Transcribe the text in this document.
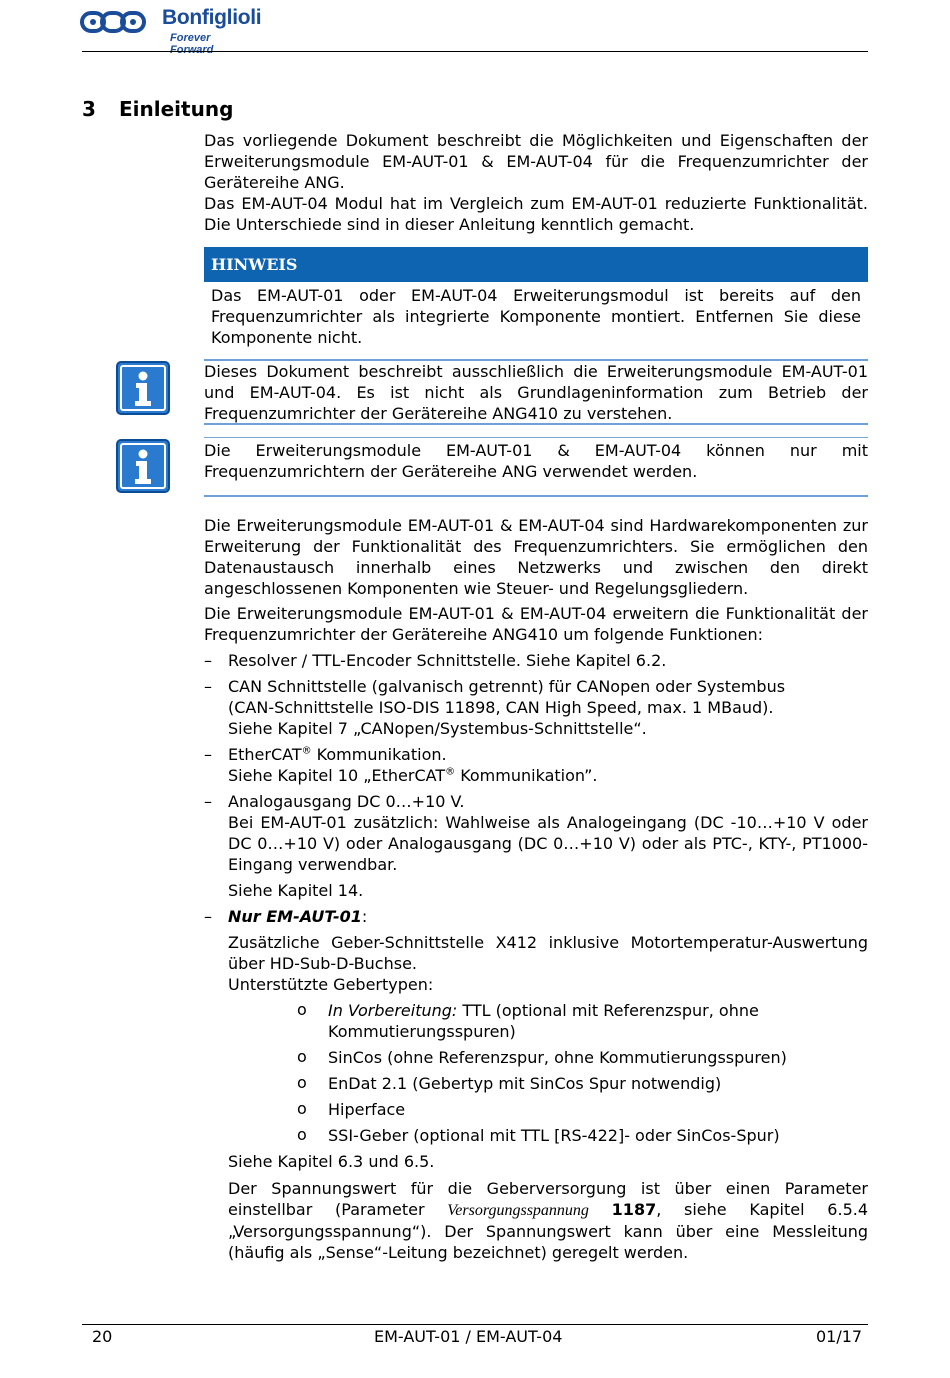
Bonfiglioli
Forever Forward
3 Einleitung

Das vorliegende Dokument beschreibt die Möglichkeiten und Eigenschaften der Erweiterungsmodule EM-AUT-01 & EM-AUT-04 für die Frequenzumrichter der Gerätereihe ANG.

Das EM-AUT-04 Modul hat im Vergleich zum EM-AUT-01 reduzierte Funktionalität. Die Unterschiede sind in dieser Anleitung kenntlich gemacht.

HINWEIS
Das EM-AUT-01 oder EM-AUT-04 Erweiterungsmodul ist bereits auf den Frequenzumrichter als integrierte Komponente montiert. Entfernen Sie diese Komponente nicht.
Dieses Dokument beschreibt ausschließlich die Erweiterungsmodule EM-AUT-01 und EM-AUT-04. Es ist nicht als Grundlageninformation zum Betrieb der Frequenzumrichter der Gerätereihe ANG410 zu verstehen.
Die Erweiterungsmodule EM-AUT-01 & EM-AUT-04 können nur mit Frequenzumrichtern der Gerätereihe ANG verwendet werden.
Die Erweiterungsmodule EM-AUT-01 & EM-AUT-04 sind Hardwarekomponenten zur Erweiterung der Funktionalität des Frequenzumrichters. Sie ermöglichen den Datenaustausch innerhalb eines Netzwerks und zwischen den direkt angeschlossenen Komponenten wie Steuer- und Regelungsgliedern.
Die Erweiterungsmodule EM-AUT-01 & EM-AUT-04 erweitern die Funktionalität der Frequenzumrichter der Gerätereihe ANG410 um folgende Funktionen:
–	Resolver / TTL-Encoder Schnittstelle. Siehe Kapitel 6.2.
–	CAN Schnittstelle (galvanisch getrennt) für CANopen oder Systembus
(CAN-Schnittstelle ISO-DIS 11898, CAN High Speed, max. 1 MBaud).
Siehe Kapitel 7 „CANopen/Systembus-Schnittstelle“.
–	EtherCAT® Kommunikation.
Siehe Kapitel 10 „EtherCAT® Kommunikation”.
–	Analogausgang DC 0…+10 V.
Bei EM-AUT-01 zusätzlich: Wahlweise als Analogeingang (DC -10…+10 V oder DC 0…+10 V) oder Analogausgang (DC 0…+10 V) oder als PTC-, KTY-, PT1000-Eingang verwendbar.
Siehe Kapitel 14.
–	Nur EM-AUT-01:
Zusätzliche Geber-Schnittstelle X412 inklusive Motortemperatur-Auswertung über HD-Sub-D-Buchse.
Unterstützte Gebertypen:
o In Vorbereitung: TTL (optional mit Referenzspur, ohne Kommutierungsspuren)
o SinCos (ohne Referenzspur, ohne Kommutierungsspuren)
o EnDat 2.1 (Gebertyp mit SinCos Spur notwendig)
o Hiperface
o SSI-Geber (optional mit TTL [RS-422]- oder SinCos-Spur)
Siehe Kapitel 6.3 und 6.5.
Der Spannungswert für die Geberversorgung ist über einen Parameter einstellbar (Parameter Versorgungsspannung 1187, siehe Kapitel 6.5.4 „Versorgungsspannung“). Der Spannungswert kann über eine Messleitung (häufig als „Sense“-Leitung bezeichnet) geregelt werden.
20	EM-AUT-01 / EM-AUT-04	01/17
